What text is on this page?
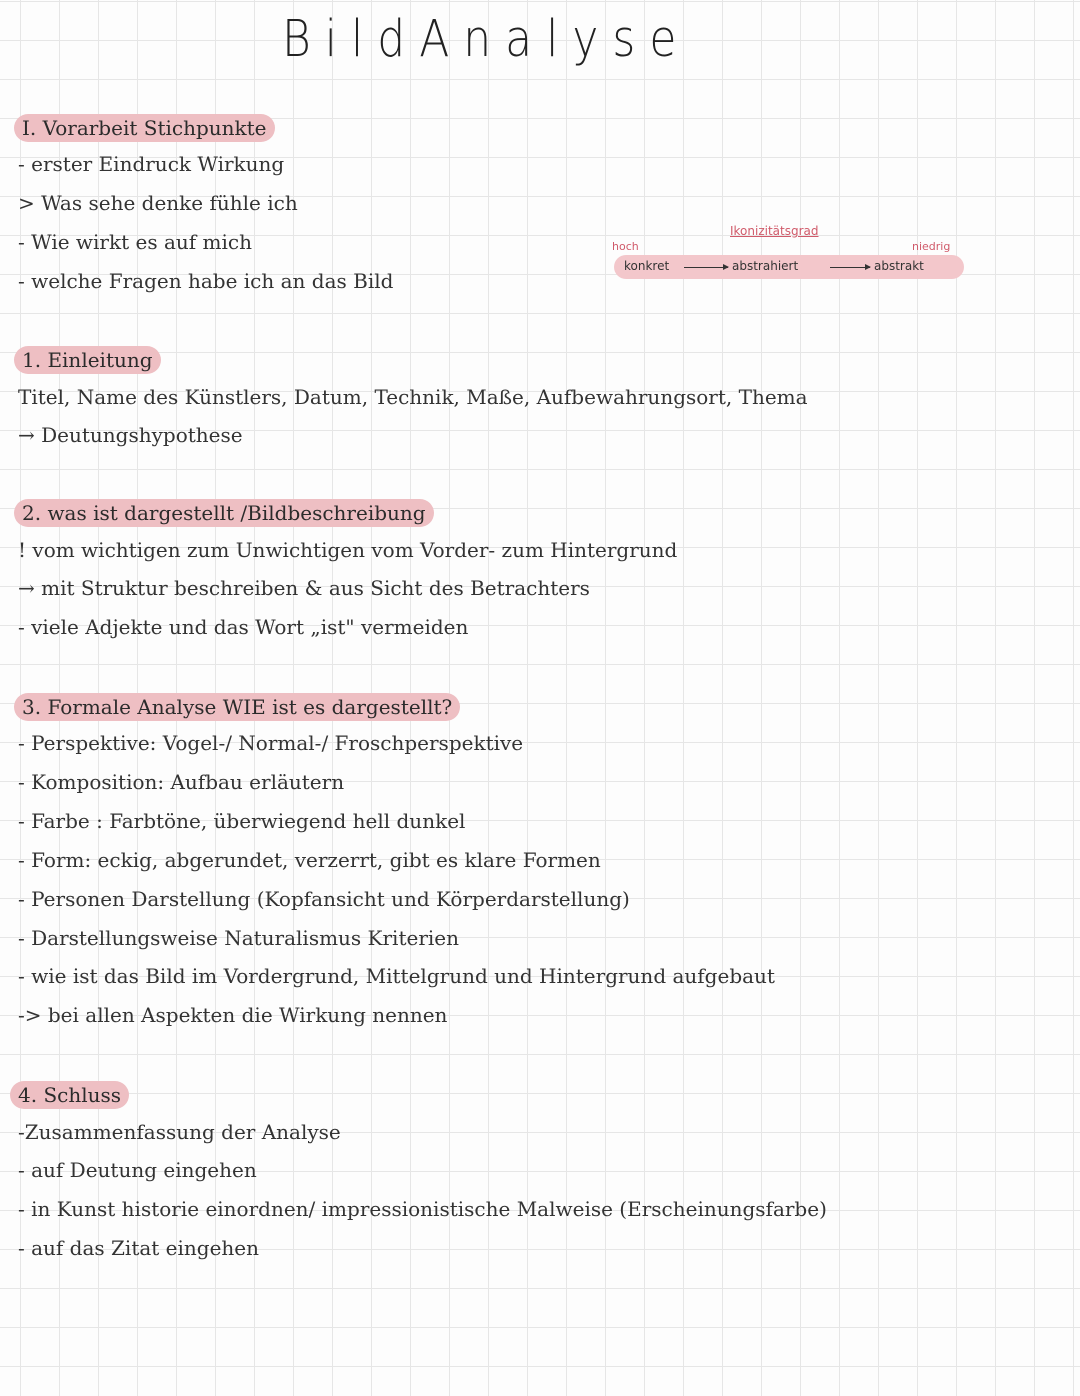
BildAnalyse
I. Vorarbeit Stichpunkte
- erster Eindruck Wirkung
> Was sehe denke fühle ich
- Wie wirkt es auf mich
- welche Fragen habe ich an das Bild
Ikonizitätsgrad
hoch	niedrig
konkret	abstrahiert	abstrakt
1. Einleitung
Titel, Name des Künstlers, Datum, Technik, Maße, Aufbewahrungsort, Thema
→ Deutungshypothese
2. was ist dargestellt /Bildbeschreibung
! vom wichtigen zum Unwichtigen vom Vorder- zum Hintergrund
→ mit Struktur beschreiben & aus Sicht des Betrachters
- viele Adjekte und das Wort „ist" vermeiden
3. Formale Analyse WIE ist es dargestellt?
- Perspektive: Vogel-/ Normal-/ Froschperspektive
- Komposition: Aufbau erläutern
- Farbe : Farbtöne, überwiegend hell dunkel
- Form: eckig, abgerundet, verzerrt, gibt es klare Formen
- Personen Darstellung (Kopfansicht und Körperdarstellung)
- Darstellungsweise Naturalismus Kriterien
- wie ist das Bild im Vordergrund, Mittelgrund und Hintergrund aufgebaut
-> bei allen Aspekten die Wirkung nennen
4. Schluss
-Zusammenfassung der Analyse
- auf Deutung eingehen
- in Kunst historie einordnen/ impressionistische Malweise (Erscheinungsfarbe)
- auf das Zitat eingehen
